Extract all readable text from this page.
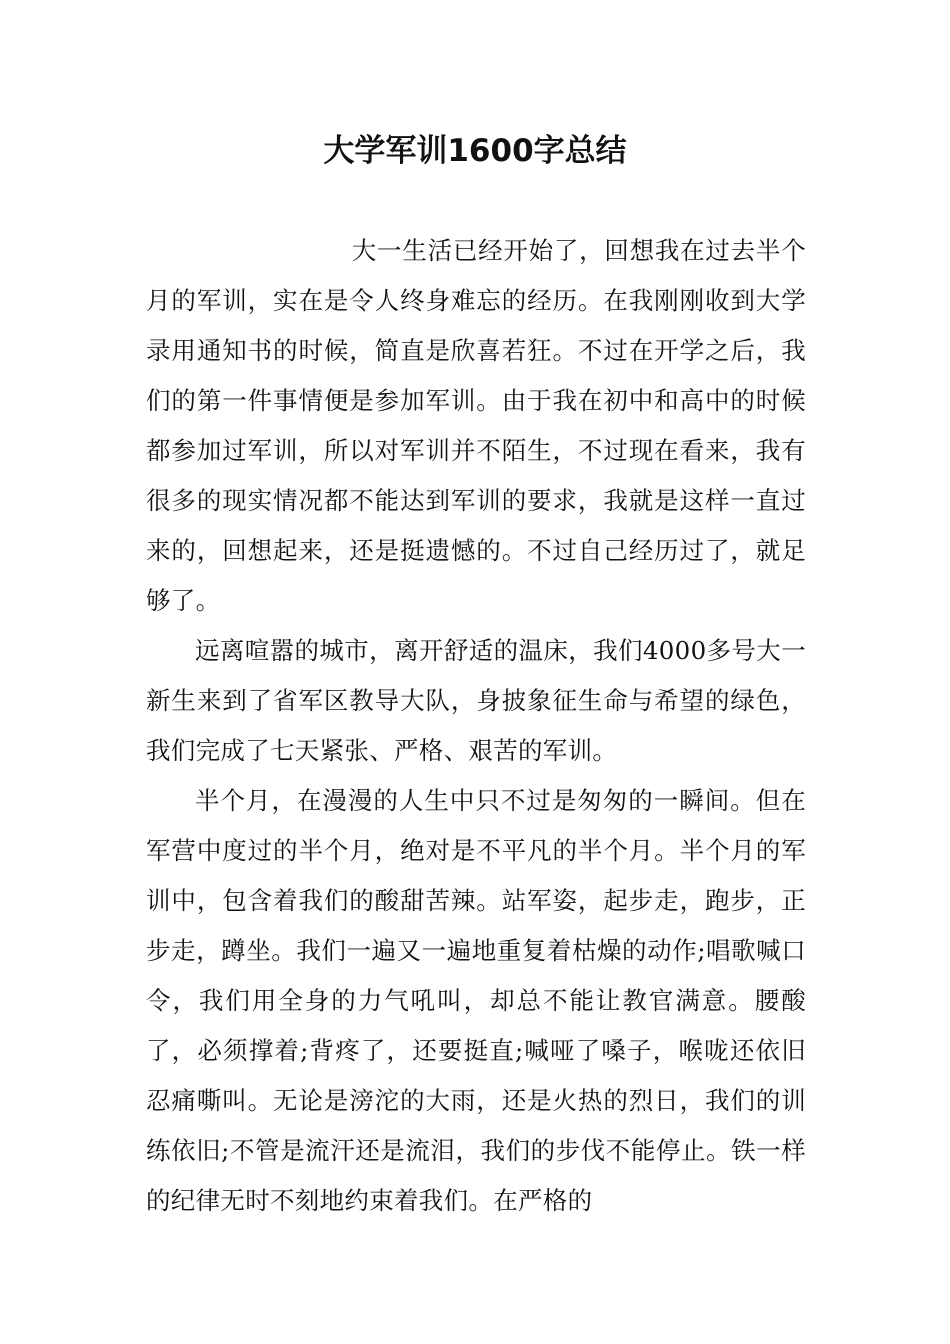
大学军训1600字总结

大一生活已经开始了，回想我在过去半个月的军训，实在是令人终身难忘的经历。在我刚刚收到大学录用通知书的时候，简直是欣喜若狂。不过在开学之后，我们的第一件事情便是参加军训。由于我在初中和高中的时候都参加过军训，所以对军训并不陌生，不过现在看来，我有很多的现实情况都不能达到军训的要求，我就是这样一直过来的，回想起来，还是挺遗憾的。不过自己经历过了，就足够了。

远离喧嚣的城市，离开舒适的温床，我们4000多号大一新生来到了省军区教导大队，身披象征生命与希望的绿色，我们完成了七天紧张、严格、艰苦的军训。

半个月，在漫漫的人生中只不过是匆匆的一瞬间。但在军营中度过的半个月，绝对是不平凡的半个月。半个月的军训中，包含着我们的酸甜苦辣。站军姿，起步走，跑步，正步走，蹲坐。我们一遍又一遍地重复着枯燥的动作;唱歌喊口令，我们用全身的力气吼叫，却总不能让教官满意。腰酸了，必须撑着;背疼了，还要挺直;喊哑了嗓子，喉咙还依旧忍痛嘶叫。无论是滂沱的大雨，还是火热的烈日，我们的训练依旧;不管是流汗还是流泪，我们的步伐不能停止。铁一样的纪律无时不刻地约束着我们。在严格的
